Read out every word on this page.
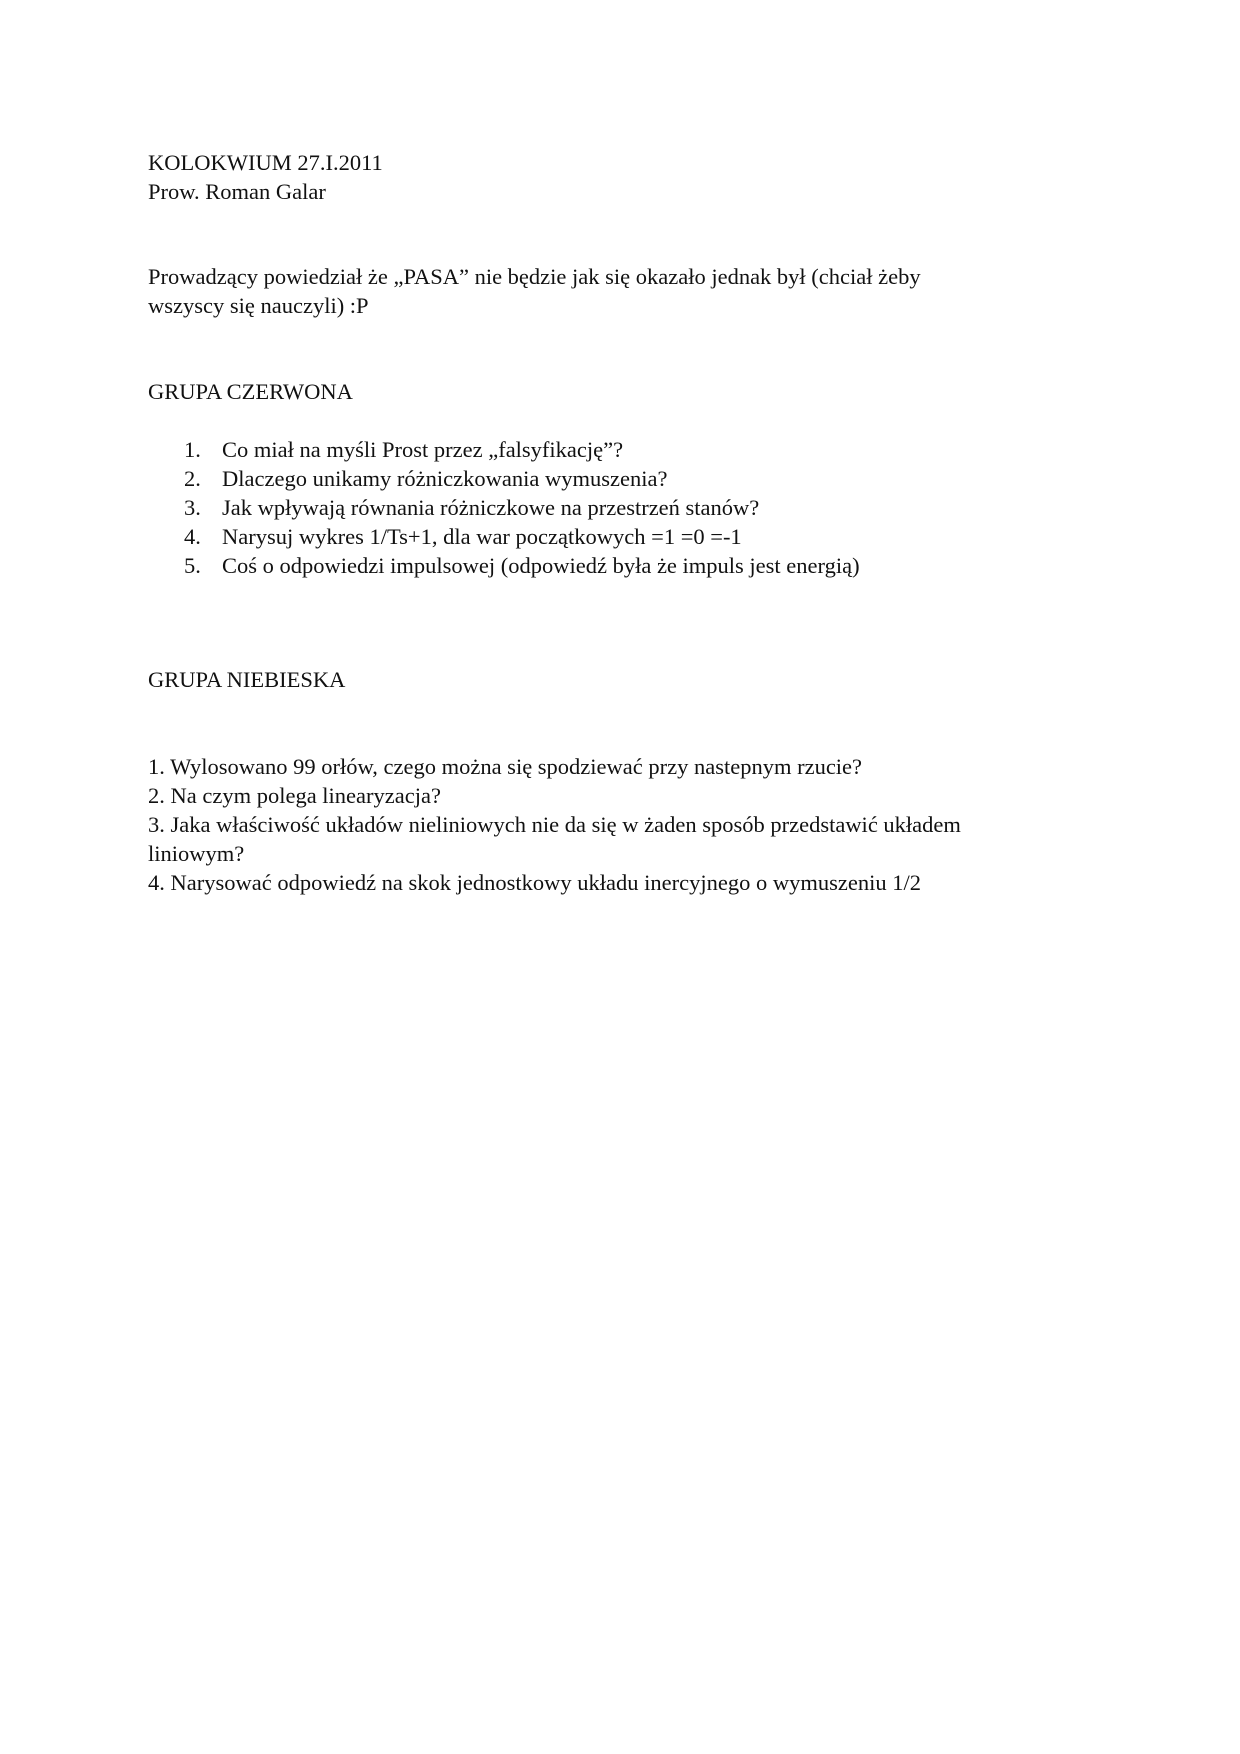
KOLOKWIUM 27.I.2011
Prow. Roman Galar
Prowadzący powiedział że „PASA” nie będzie jak się okazało jednak był (chciał żeby
wszyscy się nauczyli) :P
GRUPA CZERWONA
1. Co miał na myśli Prost przez „falsyfikację”?
2. Dlaczego unikamy różniczkowania wymuszenia?
3. Jak wpływają równania różniczkowe na przestrzeń stanów?
4. Narysuj wykres 1/Ts+1, dla war początkowych =1 =0 =-1
5. Coś o odpowiedzi impulsowej (odpowiedź była że impuls jest energią)
GRUPA NIEBIESKA
1. Wylosowano 99 orłów, czego można się spodziewać przy nastepnym rzucie?
2. Na czym polega linearyzacja?
3. Jaka właściwość układów nieliniowych nie da się w żaden sposób przedstawić układem
liniowym?
4. Narysować odpowiedź na skok jednostkowy układu inercyjnego o wymuszeniu 1/2
